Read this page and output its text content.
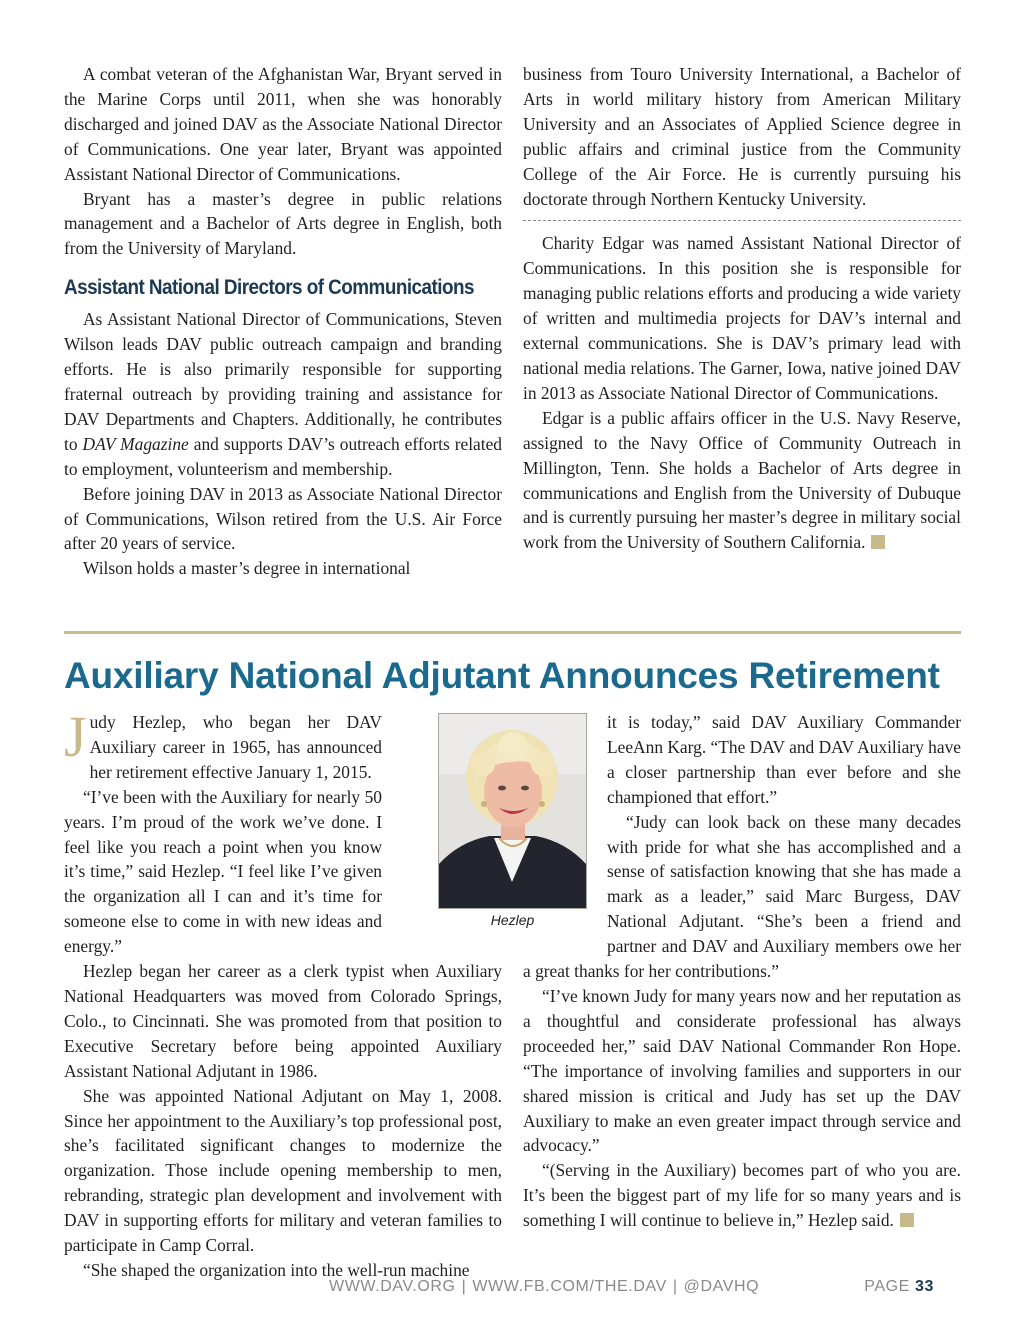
A combat veteran of the Afghanistan War, Bryant served in the Marine Corps until 2011, when she was honorably discharged and joined DAV as the Associate National Director of Communications. One year later, Bryant was appointed Assistant National Director of Communications.

Bryant has a master’s degree in public relations management and a Bachelor of Arts degree in English, both from the University of Maryland.

Assistant National Directors of Communications

As Assistant National Director of Communications, Steven Wilson leads DAV public outreach campaign and branding efforts. He is also primarily responsible for supporting fraternal outreach by providing training and assistance for DAV Departments and Chapters. Additionally, he contributes to DAV Magazine and supports DAV’s outreach efforts related to employment, volunteerism and membership.

Before joining DAV in 2013 as Associate National Director of Communications, Wilson retired from the U.S. Air Force after 20 years of service.

Wilson holds a master’s degree in international

business from Touro University International, a Bachelor of Arts in world military history from American Military University and an Associates of Applied Science degree in public affairs and criminal justice from the Community College of the Air Force. He is currently pursuing his doctorate through Northern Kentucky University.

Charity Edgar was named Assistant National Director of Communications. In this position she is responsible for managing public relations efforts and producing a wide variety of written and multimedia projects for DAV’s internal and external communications. She is DAV’s primary lead with national media relations. The Garner, Iowa, native joined DAV in 2013 as Associate National Director of Communications.

Edgar is a public affairs officer in the U.S. Navy Reserve, assigned to the Navy Office of Community Outreach in Millington, Tenn. She holds a Bachelor of Arts degree in communications and English from the University of Dubuque and is currently pursuing her master’s degree in military social work from the University of Southern California.

Auxiliary National Adjutant Announces Retirement

Judy Hezlep, who began her DAV Auxiliary career in 1965, has announced her retirement effective January 1, 2015.

“I’ve been with the Auxiliary for nearly 50 years. I’m proud of the work we’ve done. I feel like you reach a point when you know it’s time,” said Hezlep. “I feel like I’ve given the organization all I can and it’s time for someone else to come in with new ideas and energy.”

Hezlep began her career as a clerk typist when Auxiliary National Headquarters was moved from Colorado Springs, Colo., to Cincinnati. She was promoted from that position to Executive Secretary before being appointed Auxiliary Assistant National Adjutant in 1986.

She was appointed National Adjutant on May 1, 2008. Since her appointment to the Auxiliary’s top professional post, she’s facilitated significant changes to modernize the organization. Those include opening membership to men, rebranding, strategic plan development and involvement with DAV in supporting efforts for military and veteran families to participate in Camp Corral.

“She shaped the organization into the well-run machine

it is today,” said DAV Auxiliary Commander LeeAnn Karg. “The DAV and DAV Auxiliary have a closer partnership than ever before and she championed that effort.”

“Judy can look back on these many decades with pride for what she has accomplished and a sense of satisfaction knowing that she has made a mark as a leader,” said Marc Burgess, DAV National Adjutant. “She’s been a friend and partner and DAV and Auxiliary members owe her a great thanks for her contributions.”

“I’ve known Judy for many years now and her reputation as a thoughtful and considerate professional has always proceeded her,” said DAV National Commander Ron Hope. “The importance of involving families and supporters in our shared mission is critical and Judy has set up the DAV Auxiliary to make an even greater impact through service and advocacy.”

“(Serving in the Auxiliary) becomes part of who you are. It’s been the biggest part of my life for so many years and is something I will continue to believe in,” Hezlep said.

Hezlep
WWW.DAV.ORG | WWW.FB.COM/THE.DAV | @DAVHQ	PAGE 33
